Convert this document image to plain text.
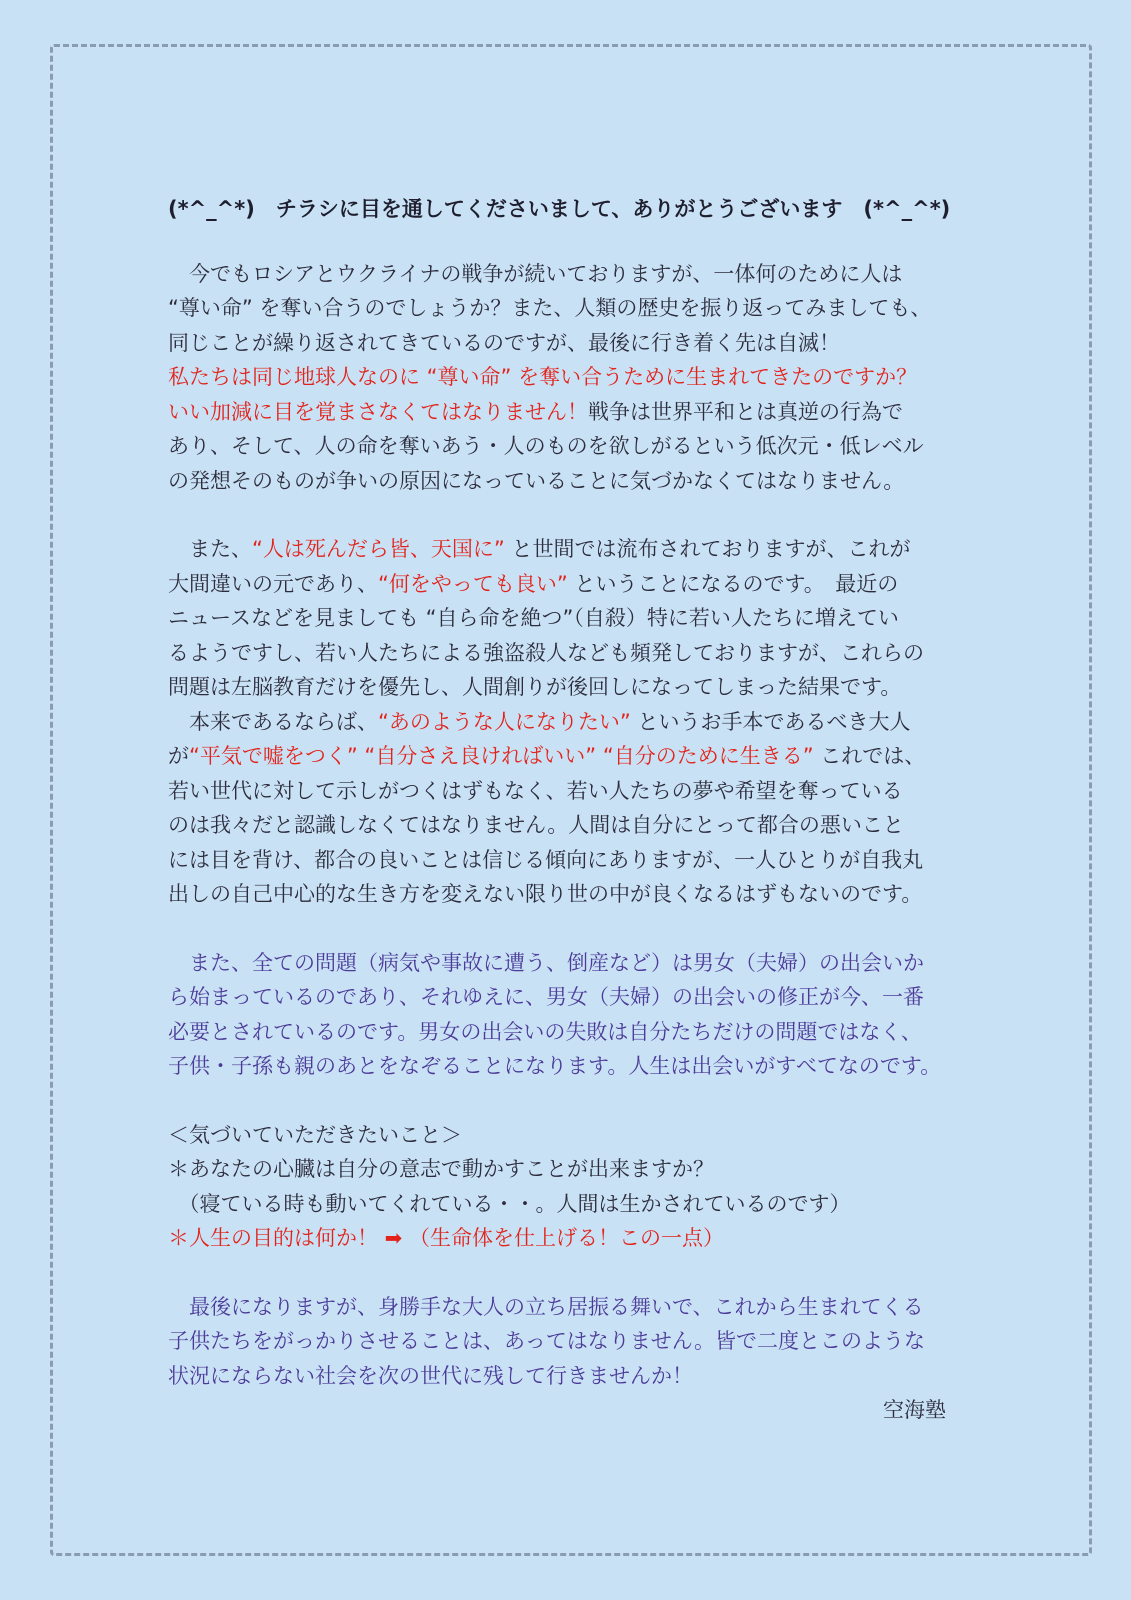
(*^_^*)　チラシに目を通してくださいまして、ありがとうございます　(*^_^*)
　今でもロシアとウクライナの戦争が続いておりますが、一体何のために人は
“尊い命” を奪い合うのでしょうか？また、人類の歴史を振り返ってみましても、
同じことが繰り返されてきているのですが、最後に行き着く先は自滅！
私たちは同じ地球人なのに “尊い命” を奪い合うために生まれてきたのですか？
いい加減に目を覚まさなくてはなりません！戦争は世界平和とは真逆の行為で
あり、そして、人の命を奪いあう・人のものを欲しがるという低次元・低レベル
の発想そのものが争いの原因になっていることに気づかなくてはなりません。
　また、“人は死んだら皆、天国に” と世間では流布されておりますが、これが
大間違いの元であり、“何をやっても良い” ということになるのです。　最近の
ニュースなどを見ましても “自ら命を絶つ”（自殺）特に若い人たちに増えてい
るようですし、若い人たちによる強盗殺人なども頻発しておりますが、これらの
問題は左脳教育だけを優先し、人間創りが後回しになってしまった結果です。
　本来であるならば、“あのような人になりたい” というお手本であるべき大人
が“平気で嘘をつく” “自分さえ良ければいい” “自分のために生きる” これでは、
若い世代に対して示しがつくはずもなく、若い人たちの夢や希望を奪っている
のは我々だと認識しなくてはなりません。人間は自分にとって都合の悪いこと
には目を背け、都合の良いことは信じる傾向にありますが、一人ひとりが自我丸
出しの自己中心的な生き方を変えない限り世の中が良くなるはずもないのです。
　また、全ての問題（病気や事故に遭う、倒産など）は男女（夫婦）の出会いか
ら始まっているのであり、それゆえに、男女（夫婦）の出会いの修正が今、一番
必要とされているのです。男女の出会いの失敗は自分たちだけの問題ではなく、
子供・子孫も親のあとをなぞることになります。人生は出会いがすべてなのです。
＜気づいていただきたいこと＞
＊あなたの心臓は自分の意志で動かすことが出来ますか？
　（寝ている時も動いてくれている・・。人間は生かされているのです）
＊人生の目的は何か！ ➡ （生命体を仕上げる！この一点）
　最後になりますが、身勝手な大人の立ち居振る舞いで、これから生まれてくる
子供たちをがっかりさせることは、あってはなりません。皆で二度とこのような
状況にならない社会を次の世代に残して行きませんか！
空海塾
